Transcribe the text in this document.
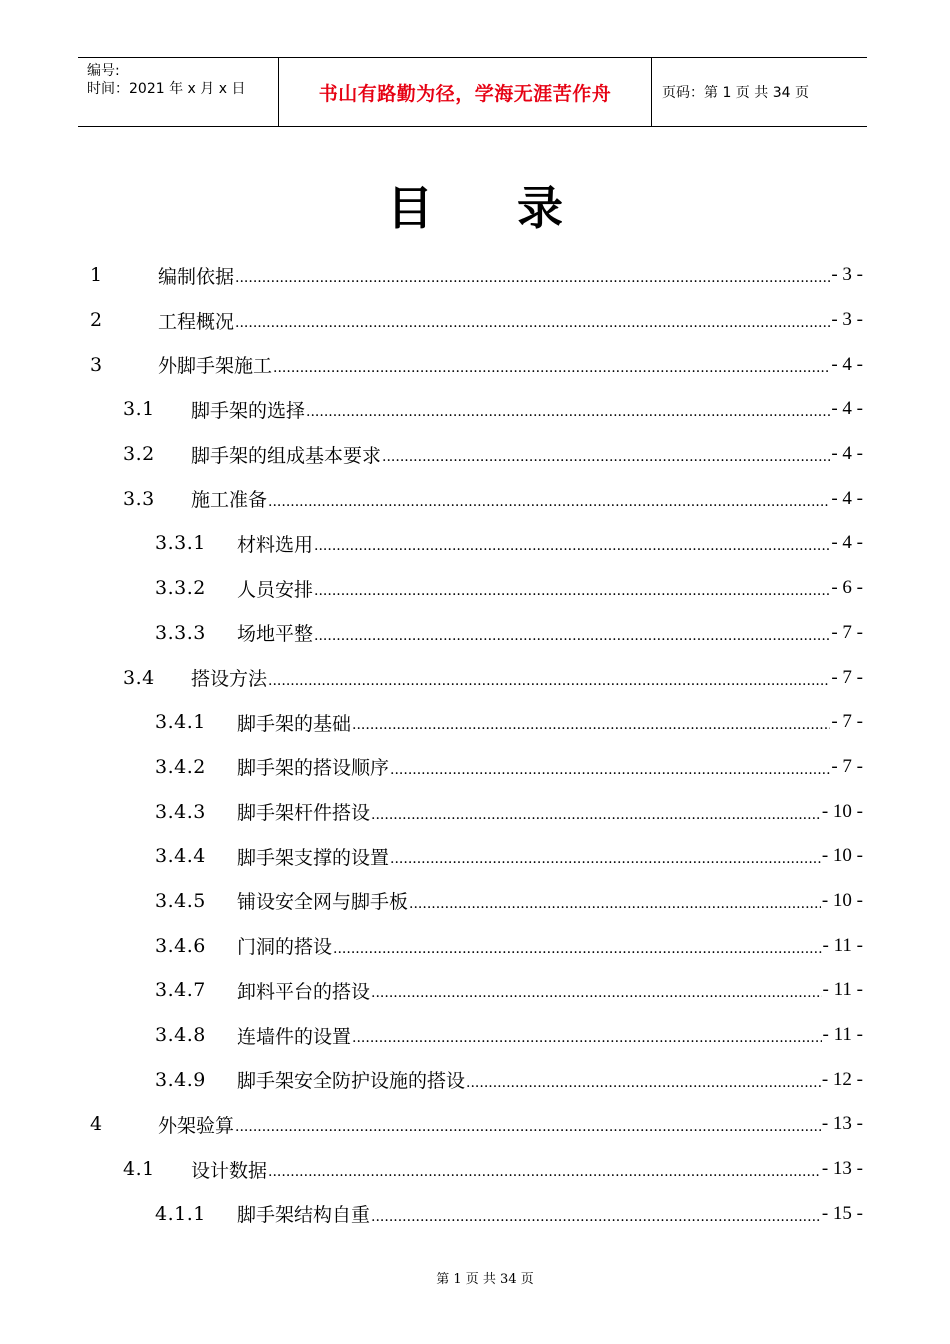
编号:
时间：2021 年 x 月 x 日	书山有路勤为径，学海无涯苦作舟	页码：第 1 页 共 34 页
目录
1	编制依据 .....	- 3 -
2	工程概况 .....	- 3 -
3	外脚手架施工 .....	- 4 -
3.1	脚手架的选择 .....	- 4 -
3.2	脚手架的组成基本要求 .....	- 4 -
3.3	施工准备 .....	- 4 -
3.3.1	材料选用 .....	- 4 -
3.3.2	人员安排 .....	- 6 -
3.3.3	场地平整 .....	- 7 -
3.4	搭设方法 .....	- 7 -
3.4.1	脚手架的基础 .....	- 7 -
3.4.2	脚手架的搭设顺序 .....	- 7 -
3.4.3	脚手架杆件搭设 .....	- 10 -
3.4.4	脚手架支撑的设置 .....	- 10 -
3.4.5	铺设安全网与脚手板 .....	- 10 -
3.4.6	门洞的搭设 .....	- 11 -
3.4.7	卸料平台的搭设 .....	- 11 -
3.4.8	连墙件的设置 .....	- 11 -
3.4.9	脚手架安全防护设施的搭设 .....	- 12 -
4	外架验算 .....	- 13 -
4.1	设计数据 .....	- 13 -
4.1.1	脚手架结构自重 .....	- 15 -
第 1 页 共 34 页
